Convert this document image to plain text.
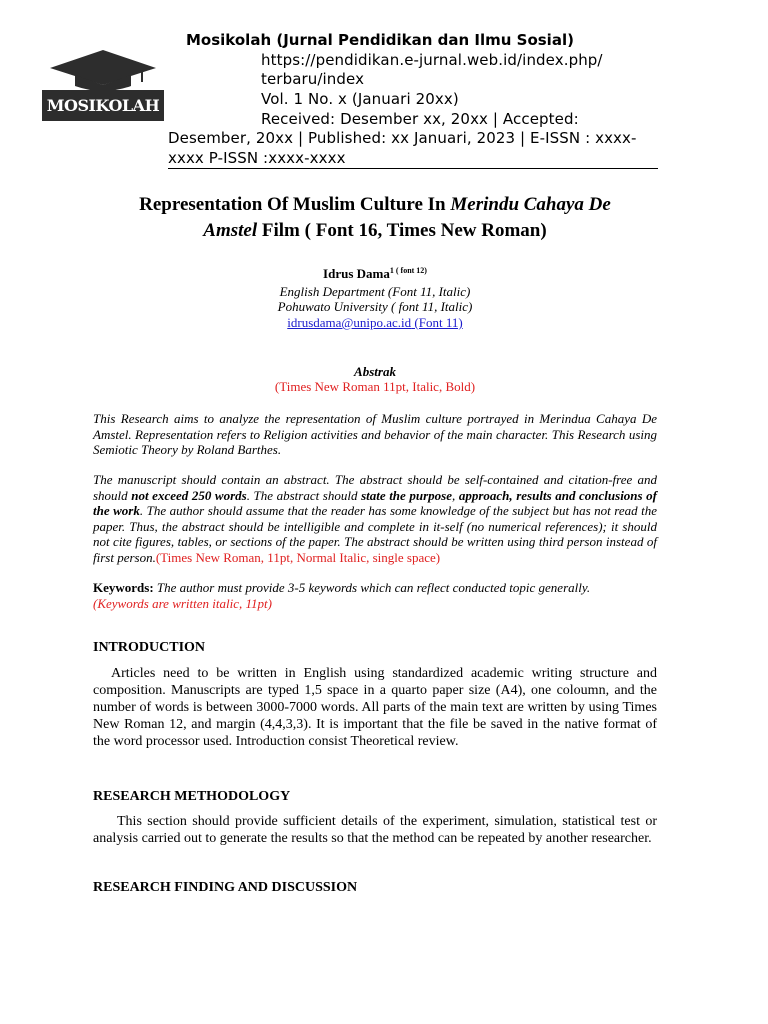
MOSIKOLAH
Mosikolah (Jurnal Pendidikan dan Ilmu Sosial)
https://pendidikan.e-jurnal.web.id/index.php/
terbaru/index
Vol. 1 No. x (Januari 20xx)
Received: Desember xx, 20xx | Accepted:
Desember, 20xx | Published: xx Januari, 2023 | E-ISSN : xxxx-
xxxx P-ISSN :xxxx-xxxx
Representation Of Muslim Culture In Merindu Cahaya De
Amstel Film ( Font 16, Times New Roman)
Idrus Dama$^{1 ( font 12)}$
English Department (Font 11, Italic)
Pohuwato University ( font 11, Italic)
idrusdama@unipo.ac.id (Font 11)
Abstrak
(Times New Roman 11pt, Italic, Bold)
This Research aims to analyze the representation of Muslim culture portrayed in Merindua Cahaya De Amstel. Representation refers to Religion activities and behavior of the main character. This Research using Semiotic Theory by Roland Barthes.
The manuscript should contain an abstract. The abstract should be self-contained and citation-free and should not exceed 250 words. The abstract should state the purpose, approach, results and conclusions of the work. The author should assume that the reader has some knowledge of the subject but has not read the paper. Thus, the abstract should be intelligible and complete in it-self (no numerical references); it should not cite figures, tables, or sections of the paper. The abstract should be written using third person instead of first person.(Times New Roman, 11pt, Normal Italic, single space)
Keywords: The author must provide 3-5 keywords which can reflect conducted topic generally.
(Keywords are written italic, 11pt)
INTRODUCTION
Articles need to be written in English using standardized academic writing structure and composition. Manuscripts are typed 1,5 space in a quarto paper size (A4), one coloumn, and the number of words is between 3000-7000 words. All parts of the main text are written by using Times New Roman 12, and margin (4,4,3,3). It is important that the file be saved in the native format of the word processor used. Introduction consist Theoretical review.
RESEARCH METHODOLOGY
This section should provide sufficient details of the experiment, simulation, statistical test or analysis carried out to generate the results so that the method can be repeated by another researcher.
RESEARCH FINDING AND DISCUSSION
